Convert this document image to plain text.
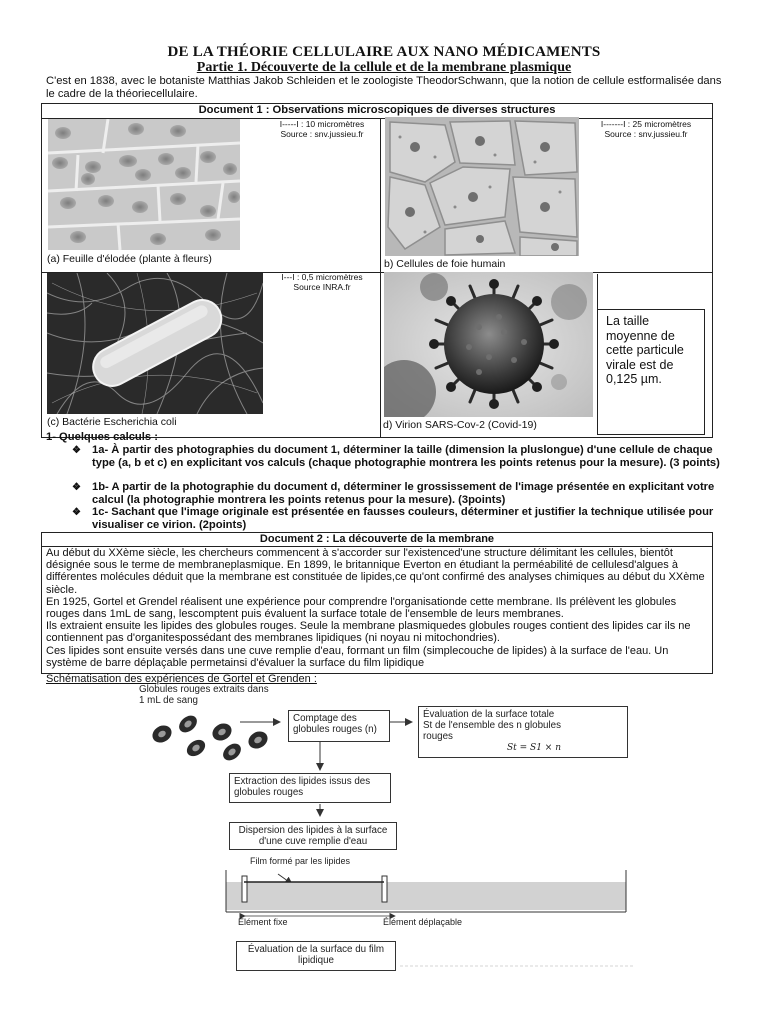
DE LA THÉORIE CELLULAIRE AUX NANO MÉDICAMENTS
Partie 1. Découverte de la cellule et de la membrane plasmique
C'est en 1838, avec le botaniste Matthias Jakob Schleiden et le zoologiste TheodorSchwann, que la notion de cellule estformalisée dans le cadre de la théoriecellulaire.
Document 1 : Observations microscopiques de diverses structures
I-----I : 10 micromètres
Source : snv.jussieu.fr
(a) Feuille d'élodée (plante à fleurs)
I-------I : 25 micromètres
Source : snv.jussieu.fr
b) Cellules de foie humain
I---I : 0,5 micromètres
Source INRA.fr
(c) Bactérie Escherichia coli	d) Virion SARS-Cov-2 (Covid-19)
La taille moyenne de cette particule virale est de 0,125 µm.
1- Quelques calculs :
❖ 1a- À partir des photographies du document 1, déterminer la taille (dimension la pluslongue) d'une cellule de chaque type (a, b et c) en explicitant vos calculs (chaque photographie montrera les points retenus pour la mesure). (3 points)
❖ 1b- A partir de la photographie du document d, déterminer le grossissement de l'image présentée en explicitant votre calcul (la photographie montrera les points retenus pour la mesure). (3points)
❖ 1c- Sachant que l'image originale est présentée en fausses couleurs, déterminer et justifier la technique utilisée pour visualiser ce virion. (2points)
Document 2 : La découverte de la membrane
Au début du XXème siècle, les chercheurs commencent à s'accorder sur l'existenced'une structure délimitant les cellules, bientôt désignée sous le terme de membraneplasmique. En 1899, le britannique Everton en étudiant la perméabilité de cellulesd'algues à différentes molécules déduit que la membrane est constituée de lipides,ce qu'ont confirmé des analyses chimiques au début du XXème siècle.
En 1925, Gortel et Grendel réalisent une expérience pour comprendre l'organisationde cette membrane. Ils prélèvent les globules rouges dans 1mL de sang, lescomptent puis évaluent la surface totale de l'ensemble de leurs membranes.
Ils extraient ensuite les lipides des globules rouges. Seule la membrane plasmiquedes globules rouges contient des lipides car ils ne contiennent pas d'organitespossédant des membranes lipidiques (ni noyau ni mitochondries).
Ces lipides sont ensuite versés dans une cuve remplie d'eau, formant un film (simplecouche de lipides) à la surface de l'eau. Un système de barre déplaçable permetainsi d'évaluer la surface du film lipidique
Schématisation des expériences de Gortel et Grenden :
Globules rouges extraits dans 1 mL de sang
Comptage des globules rouges (n)
Évaluation de la surface totale St de l'ensemble des n globules rouges
St = S1 × n
Extraction des lipides issus des globules rouges
Dispersion des lipides à la surface d'une cuve remplie d'eau
Film formé par les lipides
Élément fixe	Élément déplaçable
Évaluation de la surface du film lipidique
